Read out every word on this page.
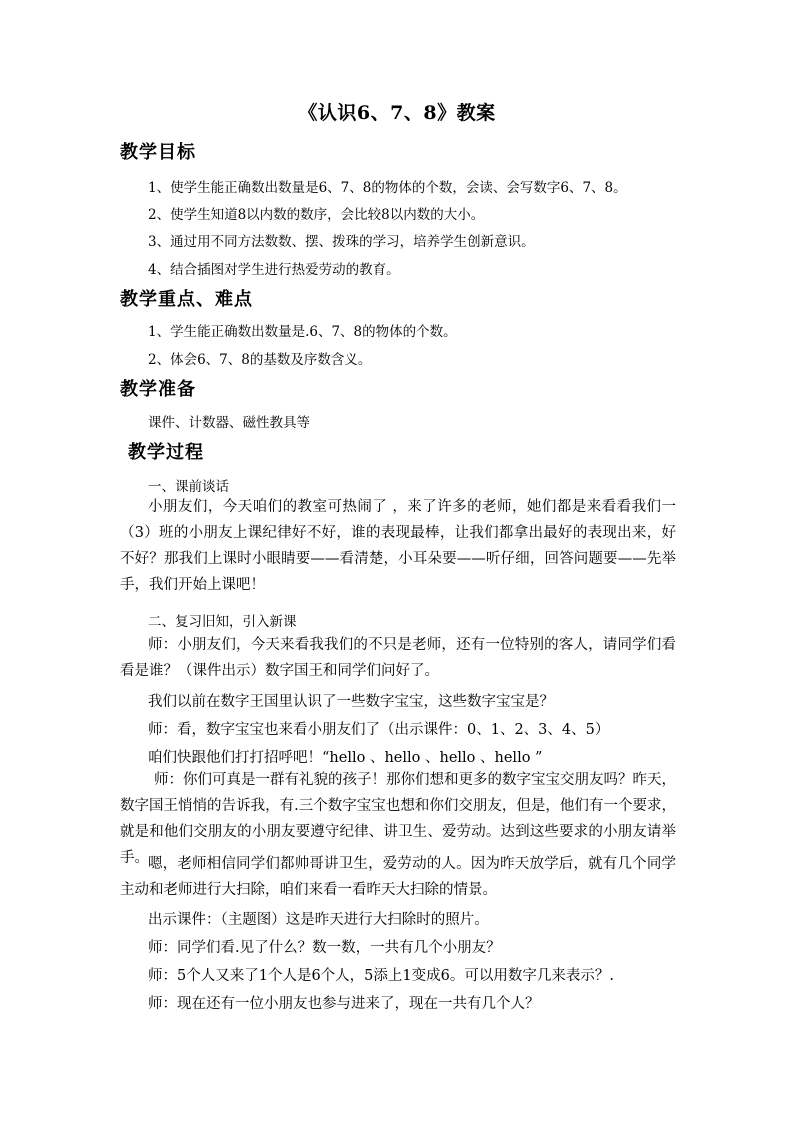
《认识6、7、8》教案
教学目标
1、使学生能正确数出数量是6、7、8的物体的个数，会读、会写数字6、7、8。
2、使学生知道8以内数的数序，会比较8以内数的大小。
3、通过用不同方法数数、摆、拨珠的学习，培养学生创新意识。
4、结合插图对学生进行热爱劳动的教育。
教学重点、难点
1、学生能正确数出数量是.6、7、8的物体的个数。
2、体会6、7、8的基数及序数含义。
教学准备
课件、计数器、磁性教具等
教学过程
一、课前谈话
小朋友们，今天咱们的教室可热闹了 ，来了许多的老师，她们都是来看看我们一（3）班的小朋友上课纪律好不好，谁的表现最棒，让我们都拿出最好的表现出来，好不好？那我们上课时小眼睛要——看清楚，小耳朵要——听仔细，回答问题要——先举手，我们开始上课吧！
二、复习旧知，引入新课
师：小朋友们，今天来看我我们的不只是老师，还有一位特别的客人，请同学们看看是谁？（课件出示）数字国王和同学们问好了。
我们以前在数字王国里认识了一些数字宝宝，这些数字宝宝是？
师：看，数字宝宝也来看小朋友们了（出示课件：0、1、2、3、4、5）
咱们快跟他们打打招呼吧！“hello 、hello 、hello 、hello ”
师：你们可真是一群有礼貌的孩子！那你们想和更多的数字宝宝交朋友吗？昨天，数字国王悄悄的告诉我，有.三个数字宝宝也想和你们交朋友，但是，他们有一个要求，就是和他们交朋友的小朋友要遵守纪律、讲卫生、爱劳动。达到这些要求的小朋友请举手。 嗯，老师相信同学们都帅哥讲卫生，爱劳动的人。因为昨天放学后，就有几个同学主动和老师进行大扫除，咱们来看一看昨天大扫除的情景。
出示课件：（主题图）这是昨天进行大扫除时的照片。
师：同学们看.见了什么？数一数，一共有几个小朋友？
师：5个人又来了1个人是6个人，5添上1变成6。可以用数字几来表示？.
师：现在还有一位小朋友也参与进来了，现在一共有几个人？
